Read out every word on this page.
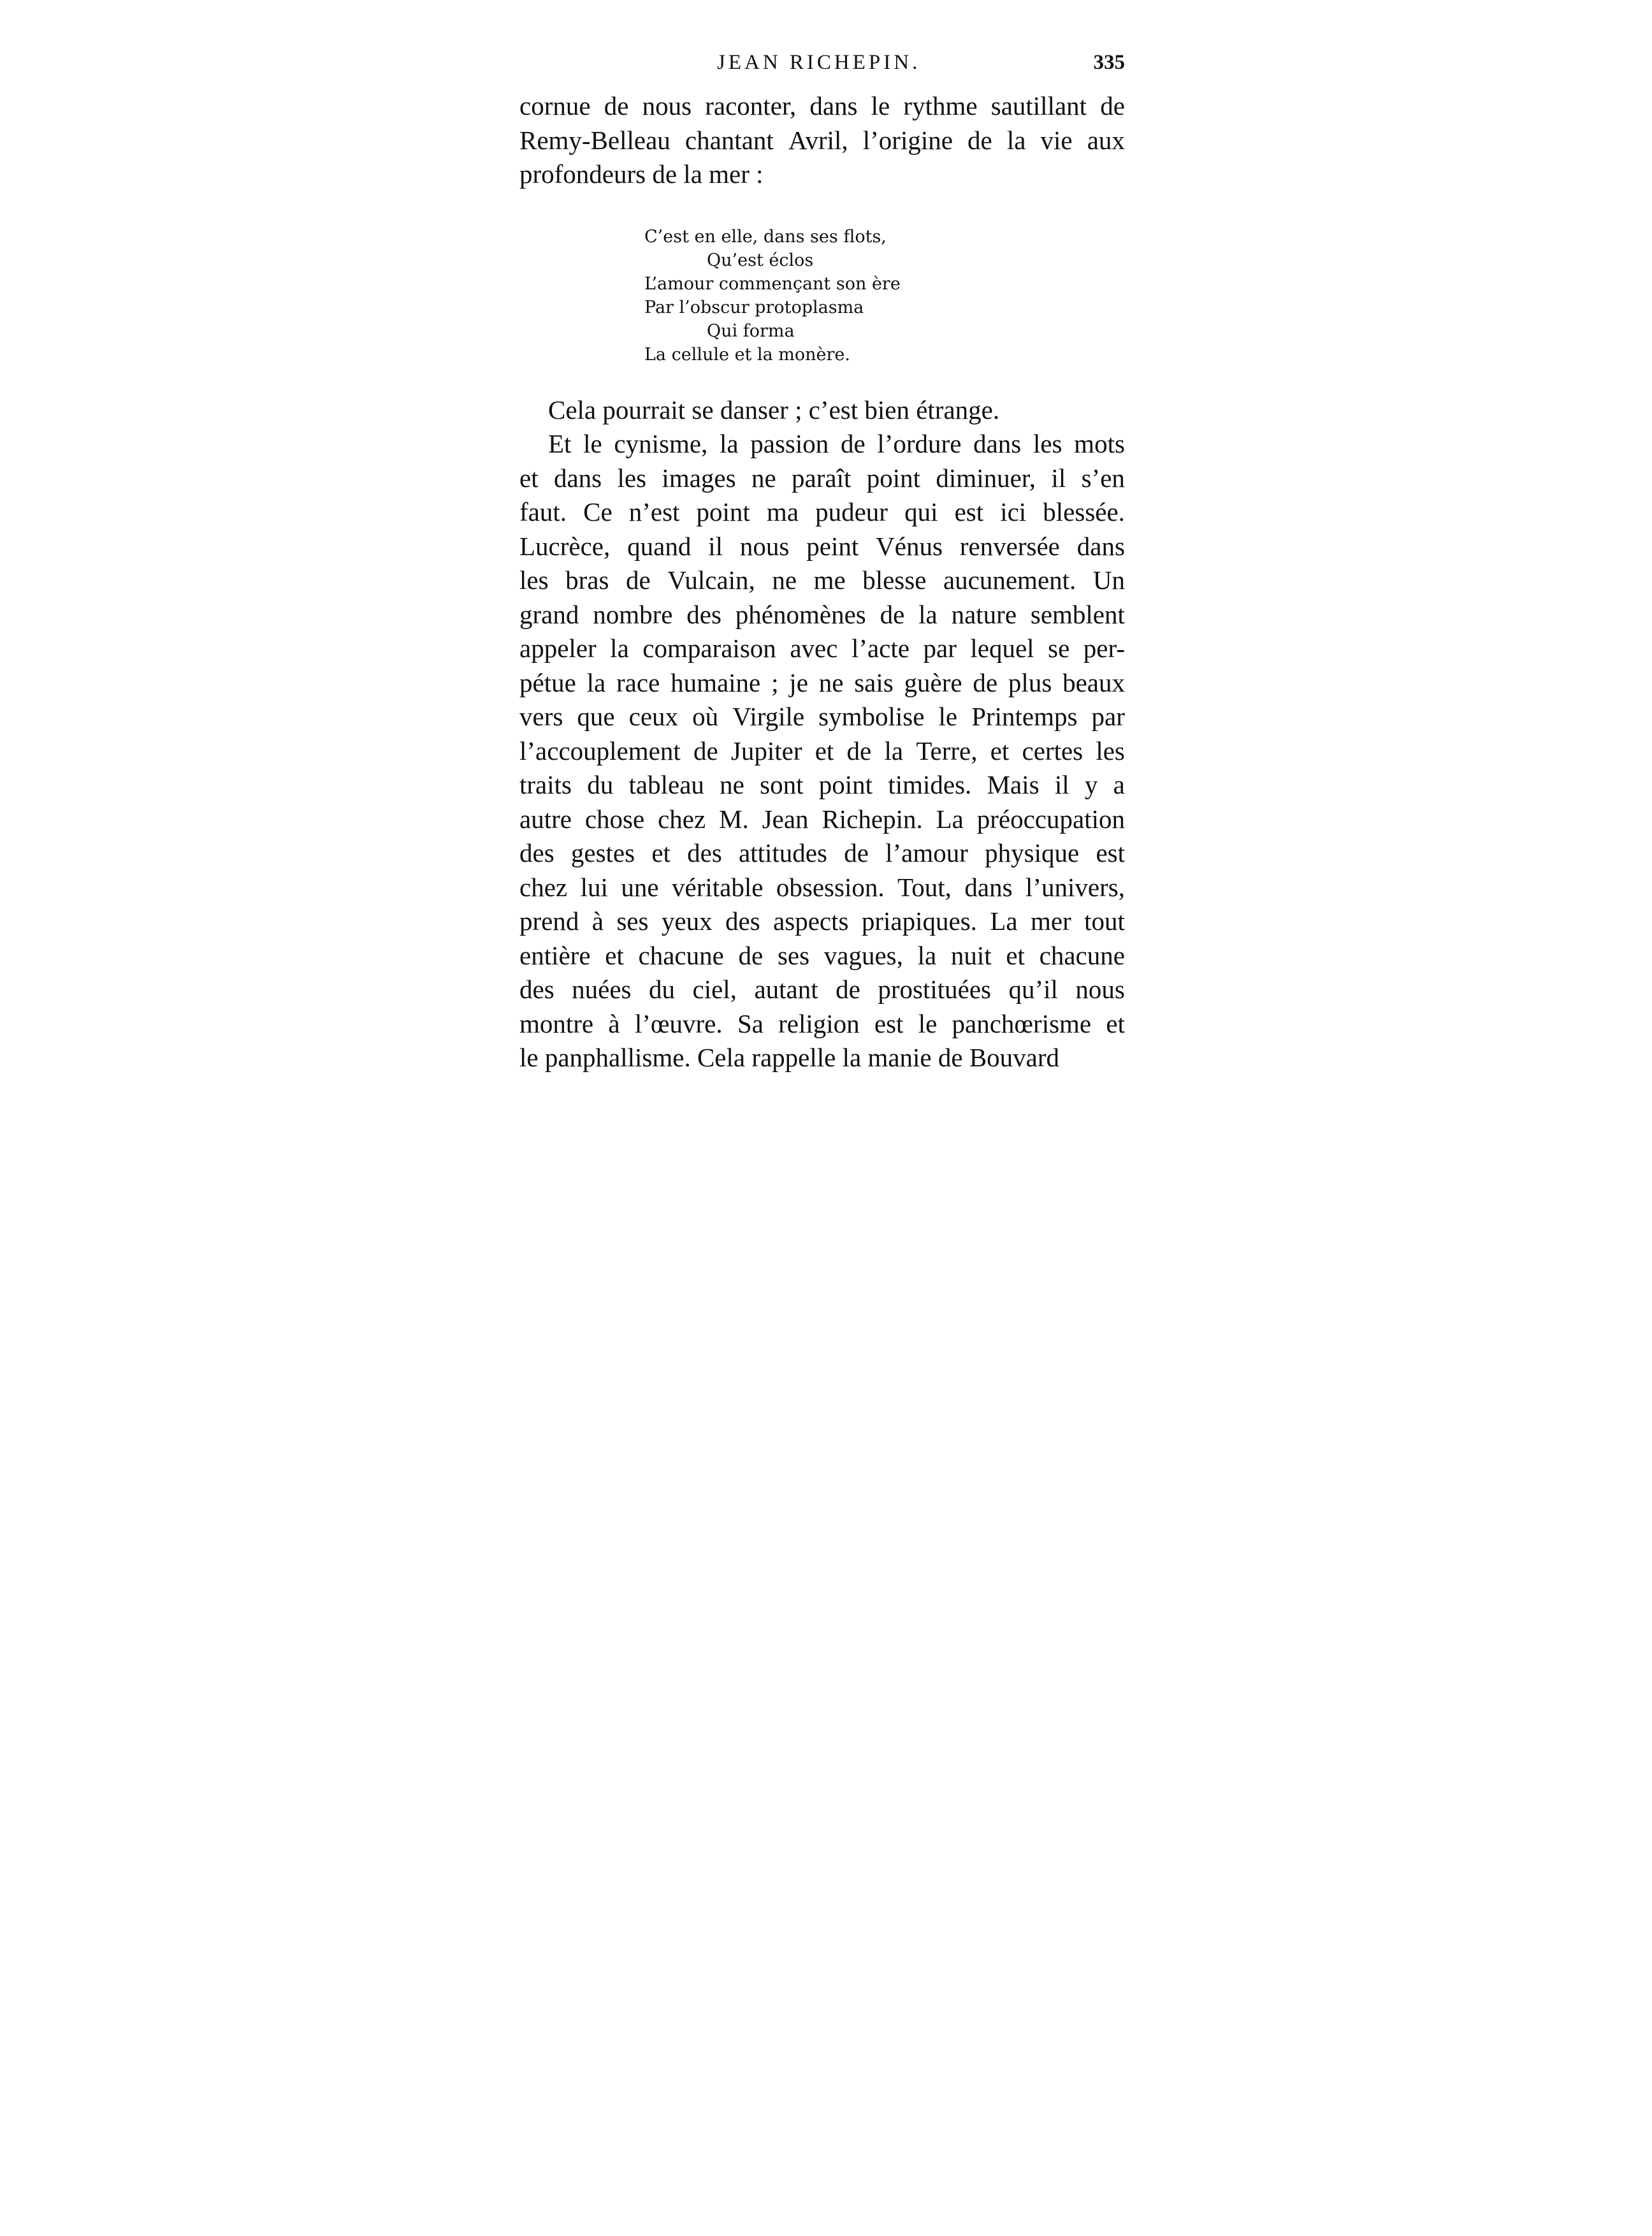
JEAN RICHEPIN.	335

cornue de nous raconter, dans le rythme sautillant de
Remy-Belleau chantant Avril, l’origine de la vie aux
profondeurs de la mer :

C’est en elle, dans ses flots,
Qu’est éclos
L’amour commençant son ère
Par l’obscur protoplasma
Qui forma
La cellule et la monère.

Cela pourrait se danser ; c’est bien étrange.

Et le cynisme, la passion de l’ordure dans les mots
et dans les images ne paraît point diminuer, il s’en
faut. Ce n’est point ma pudeur qui est ici blessée.
Lucrèce, quand il nous peint Vénus renversée dans
les bras de Vulcain, ne me blesse aucunement. Un
grand nombre des phénomènes de la nature semblent
appeler la comparaison avec l’acte par lequel se per-
pétue la race humaine ; je ne sais guère de plus beaux
vers que ceux où Virgile symbolise le Printemps par
l’accouplement de Jupiter et de la Terre, et certes les
traits du tableau ne sont point timides. Mais il y a
autre chose chez M. Jean Richepin. La préoccupation
des gestes et des attitudes de l’amour physique est
chez lui une véritable obsession. Tout, dans l’univers,
prend à ses yeux des aspects priapiques. La mer tout
entière et chacune de ses vagues, la nuit et chacune
des nuées du ciel, autant de prostituées qu’il nous
montre à l’œuvre. Sa religion est le panchœrisme et
le panphallisme. Cela rappelle la manie de Bouvard
